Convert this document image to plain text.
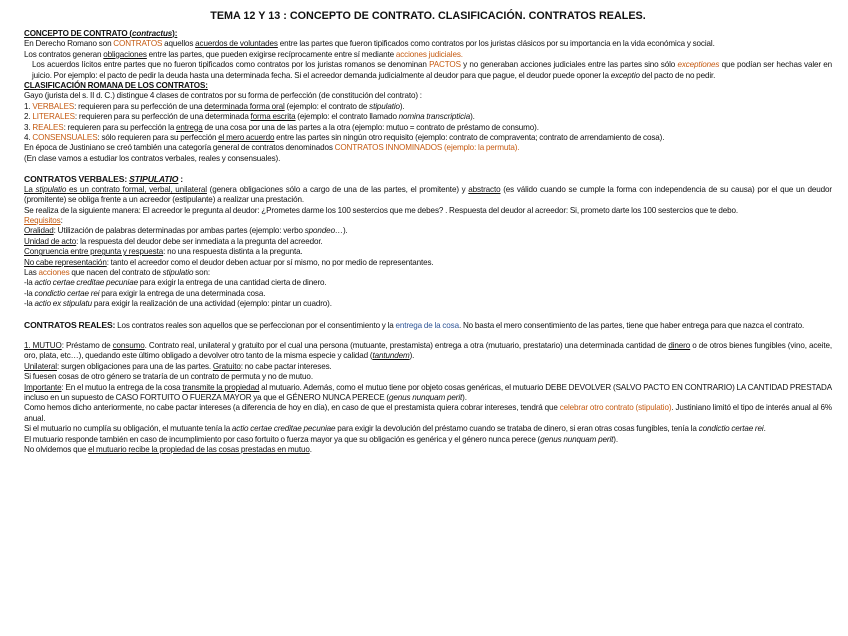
TEMA 12 Y 13 : CONCEPTO DE CONTRATO. CLASIFICACIÓN. CONTRATOS REALES.

CONCEPTO DE CONTRATO (contractus):

En Derecho Romano son CONTRATOS aquellos acuerdos de voluntades entre las partes que fueron tipificados como contratos por los juristas clásicos por su importancia en la vida económica y social.

Los contratos generan obligaciones entre las partes, que pueden exigirse recíprocamente entre sí mediante acciones judiciales.

Los acuerdos lícitos entre partes que no fueron tipificados como contratos por los juristas romanos se denominan PACTOS y no generaban acciones judiciales entre las partes sino sólo exceptiones que podían ser hechas valer en juicio. Por ejemplo: el pacto de pedir la deuda hasta una determinada fecha. Si el acreedor demanda judicialmente al deudor para que pague, el deudor puede oponer la exceptio del pacto de no pedir.

CLASIFICACIÓN ROMANA DE LOS CONTRATOS:

Gayo (jurista del s. II d. C.) distingue 4 clases de contratos por su forma de perfección (de constitución del contrato) :

1. VERBALES: requieren para su perfección de una determinada forma oral (ejemplo: el contrato de stipulatio).

2. LITERALES: requieren para su perfección de una determinada forma escrita (ejemplo: el contrato llamado nomina transcripticia).

3. REALES: requieren para su perfección la entrega de una cosa por una de las partes a la otra (ejemplo: mutuo = contrato de préstamo de consumo).

4. CONSENSUALES: sólo requieren para su perfección el mero acuerdo entre las partes sin ningún otro requisito (ejemplo: contrato de compraventa; contrato de arrendamiento de cosa).

En época de Justiniano se creó también una categoría general de contratos denominados CONTRATOS INNOMINADOS (ejemplo: la permuta).

(En clase vamos a estudiar los contratos verbales, reales y consensuales).

CONTRATOS VERBALES: STIPULATIO :

La stipulatio es un contrato formal, verbal, unilateral (genera obligaciones sólo a cargo de una de las partes, el promitente) y abstracto (es válido cuando se cumple la forma con independencia de su causa) por el que un deudor (promitente) se obliga frente a un acreedor (estipulante) a realizar una prestación.

Se realiza de la siguiente manera: El acreedor le pregunta al deudor: ¿Prometes darme los 100 sestercios que me debes? . Respuesta del deudor al acreedor: Si, prometo darte los 100 sestercios que te debo.

Requisitos:

Oralidad: Utilización de palabras determinadas por ambas partes (ejemplo: verbo spondeo…).

Unidad de acto: la respuesta del deudor debe ser inmediata a la pregunta del acreedor.

Congruencia entre pregunta y respuesta: no una respuesta distinta a la pregunta.

No cabe representación: tanto el acreedor como el deudor deben actuar por sí mismo, no por medio de representantes.

Las acciones que nacen del contrato de stipulatio son:

-la actio certae creditae pecuniae para exigir la entrega de una cantidad cierta de dinero.

-la condictio certae rei para exigir la entrega de una determinada cosa.

-la actio ex stipulatu para exigir la realización de una actividad (ejemplo: pintar un cuadro).

CONTRATOS REALES: Los contratos reales son aquellos que se perfeccionan por el consentimiento y la entrega de la cosa. No basta el mero consentimiento de las partes, tiene que haber entrega para que nazca el contrato.

1. MUTUO: Préstamo de consumo. Contrato real, unilateral y gratuito por el cual una persona (mutuante, prestamista) entrega a otra (mutuario, prestatario) una determinada cantidad de dinero o de otros bienes fungibles (vino, aceite, oro, plata, etc…), quedando este último obligado a devolver otro tanto de la misma especie y calidad (tantundem).

Unilateral: surgen obligaciones para una de las partes. Gratuito: no cabe pactar intereses.

Si fuesen cosas de otro género se trataría de un contrato de permuta y no de mutuo.

Importante: En el mutuo la entrega de la cosa transmite la propiedad al mutuario. Además, como el mutuo tiene por objeto cosas genéricas, el mutuario DEBE DEVOLVER (SALVO PACTO EN CONTRARIO) LA CANTIDAD PRESTADA incluso en un supuesto de CASO FORTUITO O FUERZA MAYOR ya que el GÉNERO NUNCA PERECE (genus nunquam perit).

Como hemos dicho anteriormente, no cabe pactar intereses (a diferencia de hoy en día), en caso de que el prestamista quiera cobrar intereses, tendrá que celebrar otro contrato (stipulatio). Justiniano limitó el tipo de interés anual al 6% anual.

Si el mutuario no cumplía su obligación, el mutuante tenía la actio certae creditae pecuniae para exigir la devolución del préstamo cuando se trataba de dinero, si eran otras cosas fungibles, tenía la condictio certae rei.

El mutuario responde también en caso de incumplimiento por caso fortuito o fuerza mayor ya que su obligación es genérica y el género nunca perece (genus nunquam perit).

No olvidemos que el mutuario recibe la propiedad de las cosas prestadas en mutuo.
